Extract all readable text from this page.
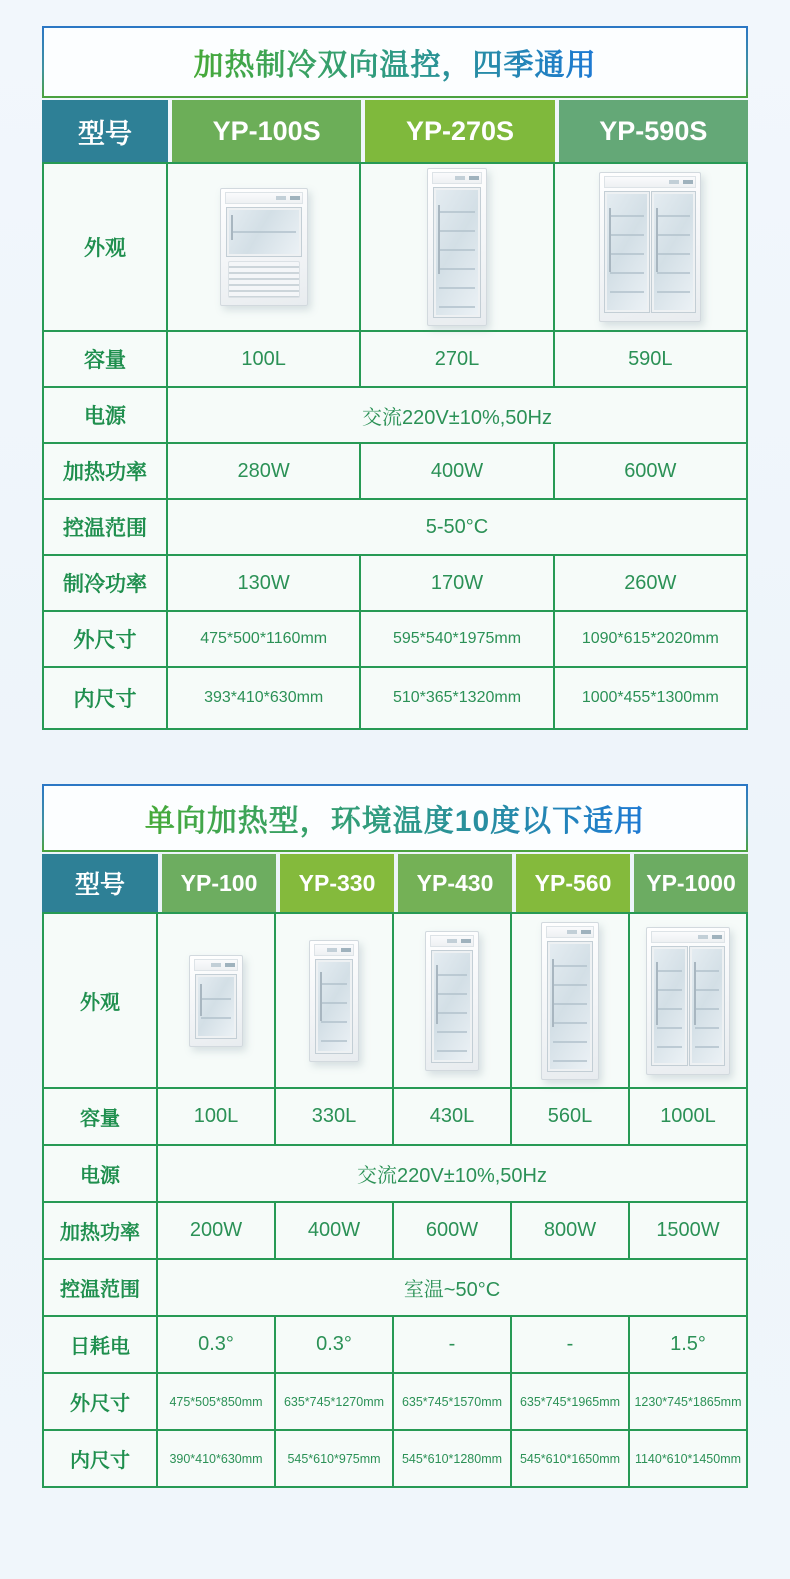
加热制冷双向温控，四季通用
型号	YP-100S	YP-270S	YP-590S
外观
容量	100L	270L	590L
电源	交流220V±10%,50Hz
加热功率	280W	400W	600W
控温范围	5-50°C
制冷功率	130W	170W	260W
外尺寸	475*500*1160mm	595*540*1975mm	1090*615*2020mm
内尺寸	393*410*630mm	510*365*1320mm	1000*455*1300mm
单向加热型，环境温度10度以下适用
型号	YP-100	YP-330	YP-430	YP-560	YP-1000
外观
容量	100L	330L	430L	560L	1000L
电源	交流220V±10%,50Hz
加热功率	200W	400W	600W	800W	1500W
控温范围	室温~50°C
日耗电	0.3°	0.3°	-	-	1.5°
外尺寸	475*505*850mm	635*745*1270mm	635*745*1570mm	635*745*1965mm	1230*745*1865mm
内尺寸	390*410*630mm	545*610*975mm	545*610*1280mm	545*610*1650mm	1140*610*1450mm
